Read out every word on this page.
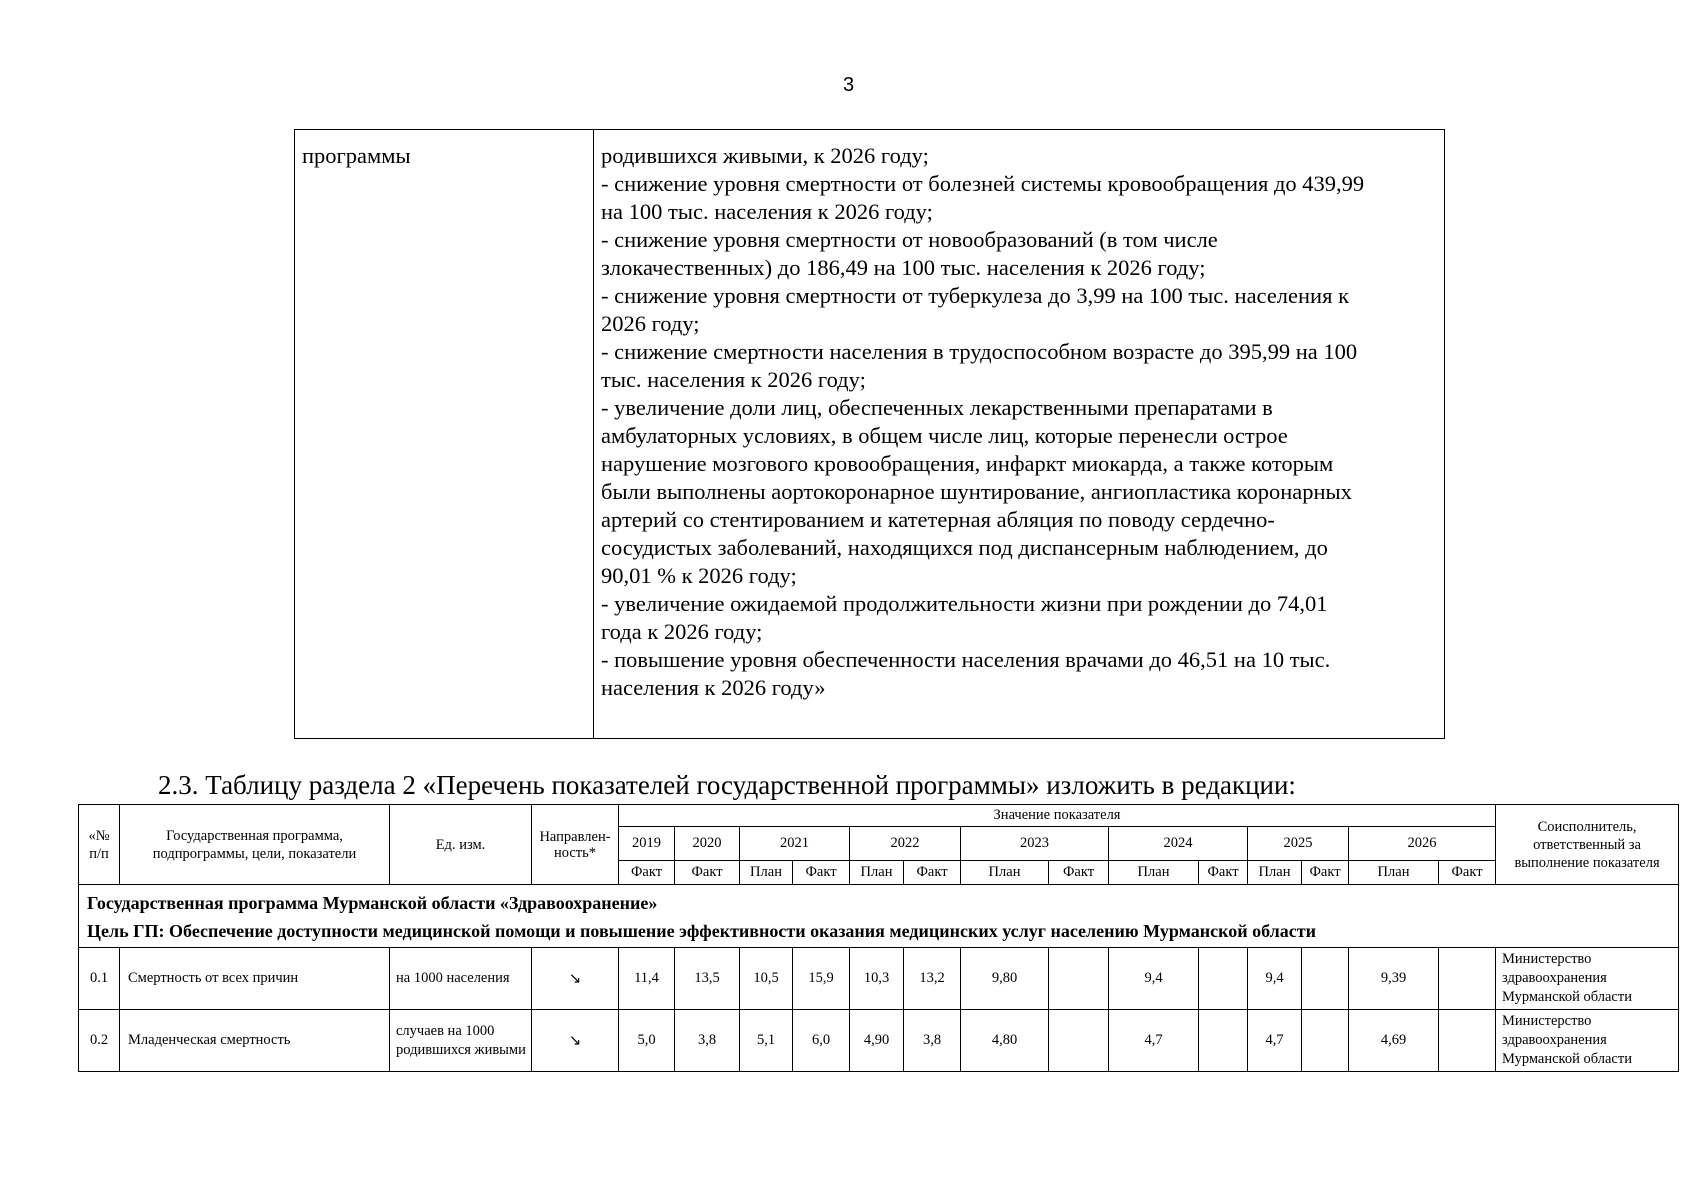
3
программы	родившихся живыми, к 2026 году;
- снижение уровня смертности от болезней системы кровообращения до 439,99
на 100 тыс. населения к 2026 году;
- снижение уровня смертности от новообразований (в том числе
злокачественных) до 186,49 на 100 тыс. населения к 2026 году;
- снижение уровня смертности от туберкулеза до 3,99 на 100 тыс. населения к
2026 году;
- снижение смертности населения в трудоспособном возрасте до 395,99 на 100
тыс. населения к 2026 году;
- увеличение доли лиц, обеспеченных лекарственными препаратами в
амбулаторных условиях, в общем числе лиц, которые перенесли острое
нарушение мозгового кровообращения, инфаркт миокарда, а также которым
были выполнены аортокоронарное шунтирование, ангиопластика коронарных
артерий со стентированием и катетерная абляция по поводу сердечно-
сосудистых заболеваний, находящихся под диспансерным наблюдением, до
90,01 % к 2026 году;
- увеличение ожидаемой продолжительности жизни при рождении до 74,01
года к 2026 году;
- повышение уровня обеспеченности населения врачами до 46,51 на 10 тыс.
населения к 2026 году»
2.3. Таблицу раздела 2 «Перечень показателей государственной программы» изложить в редакции:
«№ п/п	Государственная программа, подпрограммы, цели, показатели	Ед. изм.	Направлен-ность*	Значение показателя														Соисполнитель, ответственный за выполнение показателя
				2019	2020	2021		2022		2023		2024		2025		2026		
				Факт	Факт	План	Факт	План	Факт	План	Факт	План	Факт	План	Факт	План	Факт	

Государственная программа Мурманской области «Здравоохранение»
Цель ГП: Обеспечение доступности медицинской помощи и повышение эффективности оказания медицинских услуг населению Мурманской области																		

0.1	Смертность от всех причин	на 1000 населения	↘	11,4	13,5	10,5	15,9	10,3	13,2	9,80		9,4		9,4		9,39		Министерство здравоохранения Мурманской области
0.2	Младенческая смертность	случаев на 1000 родившихся живыми	↘	5,0	3,8	5,1	6,0	4,90	3,8	4,80		4,7		4,7		4,69		Министерство здравоохранения Мурманской области
